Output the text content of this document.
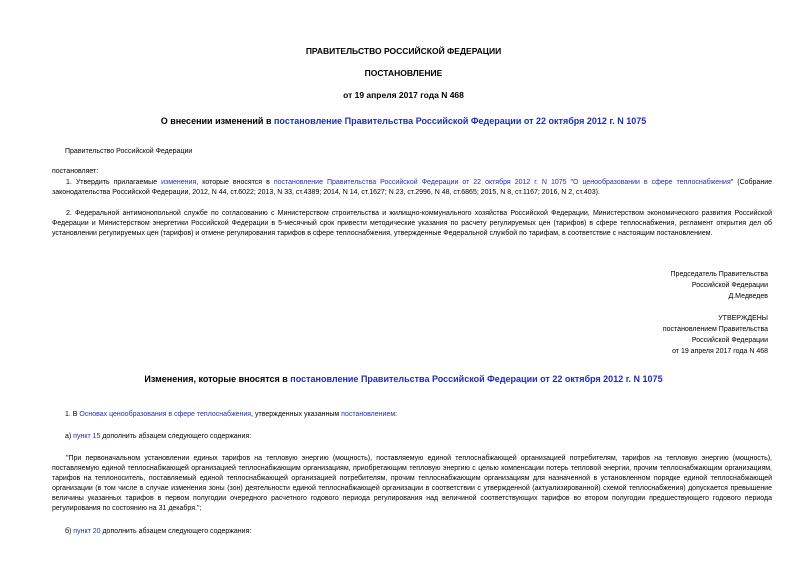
ПРАВИТЕЛЬСТВО РОССИЙСКОЙ ФЕДЕРАЦИИ
ПОСТАНОВЛЕНИЕ
от 19 апреля 2017 года N 468
О внесении изменений в постановление Правительства Российской Федерации от 22 октября 2012 г. N 1075
Правительство Российской Федерации
постановляет:
1. Утвердить прилагаемые изменения, которые вносятся в постановление Правительства Российской Федерации от 22 октября 2012 г. N 1075 "О ценообразовании в сфере теплоснабжения" (Собрание законодательства Российской Федерации, 2012, N 44, ст.6022; 2013, N 33, ст.4389; 2014, N 14, ст.1627; N 23, ст.2996, N 48, ст.6865; 2015, N 8, ст.1167; 2016, N 2, ст.403).
2. Федеральной антимонопольной службе по согласованию с Министерством строительства и жилищно-коммунального хозяйства Российской Федерации, Министерством экономического развития Российской Федерации и Министерством энергетики Российской Федерации в 5-месячный срок привести методические указания по расчету регулируемых цен (тарифов) в сфере теплоснабжения, регламент открытия дел об установлении регулируемых цен (тарифов) и отмене регулирования тарифов в сфере теплоснабжения, утвержденные Федеральной службой по тарифам, в соответствие с настоящим постановлением.
Председатель Правительства
Российской Федерации
Д.Медведев
УТВЕРЖДЕНЫ
постановлением Правительства
Российской Федерации
от 19 апреля 2017 года N 468
Изменения, которые вносятся в постановление Правительства Российской Федерации от 22 октября 2012 г. N 1075
1. В Основах ценообразования в сфере теплоснабжения, утвержденных указанным постановлением:
а) пункт 15 дополнить абзацем следующего содержания:
"При первоначальном установлении единых тарифов на тепловую энергию (мощность), поставляемую единой теплоснабжающей организацией потребителям, тарифов на тепловую энергию (мощность), поставляемую единой теплоснабжающей организацией теплоснабжающим организациям, приобретающим тепловую энергию с целью компенсации потерь тепловой энергии, прочим теплоснабжающим организациям, тарифов на теплоноситель, поставляемый единой теплоснабжающей организацией потребителям, прочим теплоснабжающим организациям для назначенной в установленном порядке единой теплоснабжающей организации (в том числе в случае изменения зоны (зон) деятельности единой теплоснабжающей организации в соответствии с утвержденной (актуализированной) схемой теплоснабжения) допускается превышение величины указанных тарифов в первом полугодии очередного расчетного годового периода регулирования над величиной соответствующих тарифов во втором полугодии предшествующего годового периода регулирования по состоянию на 31 декабря.";
б) пункт 20 дополнить абзацем следующего содержания:
